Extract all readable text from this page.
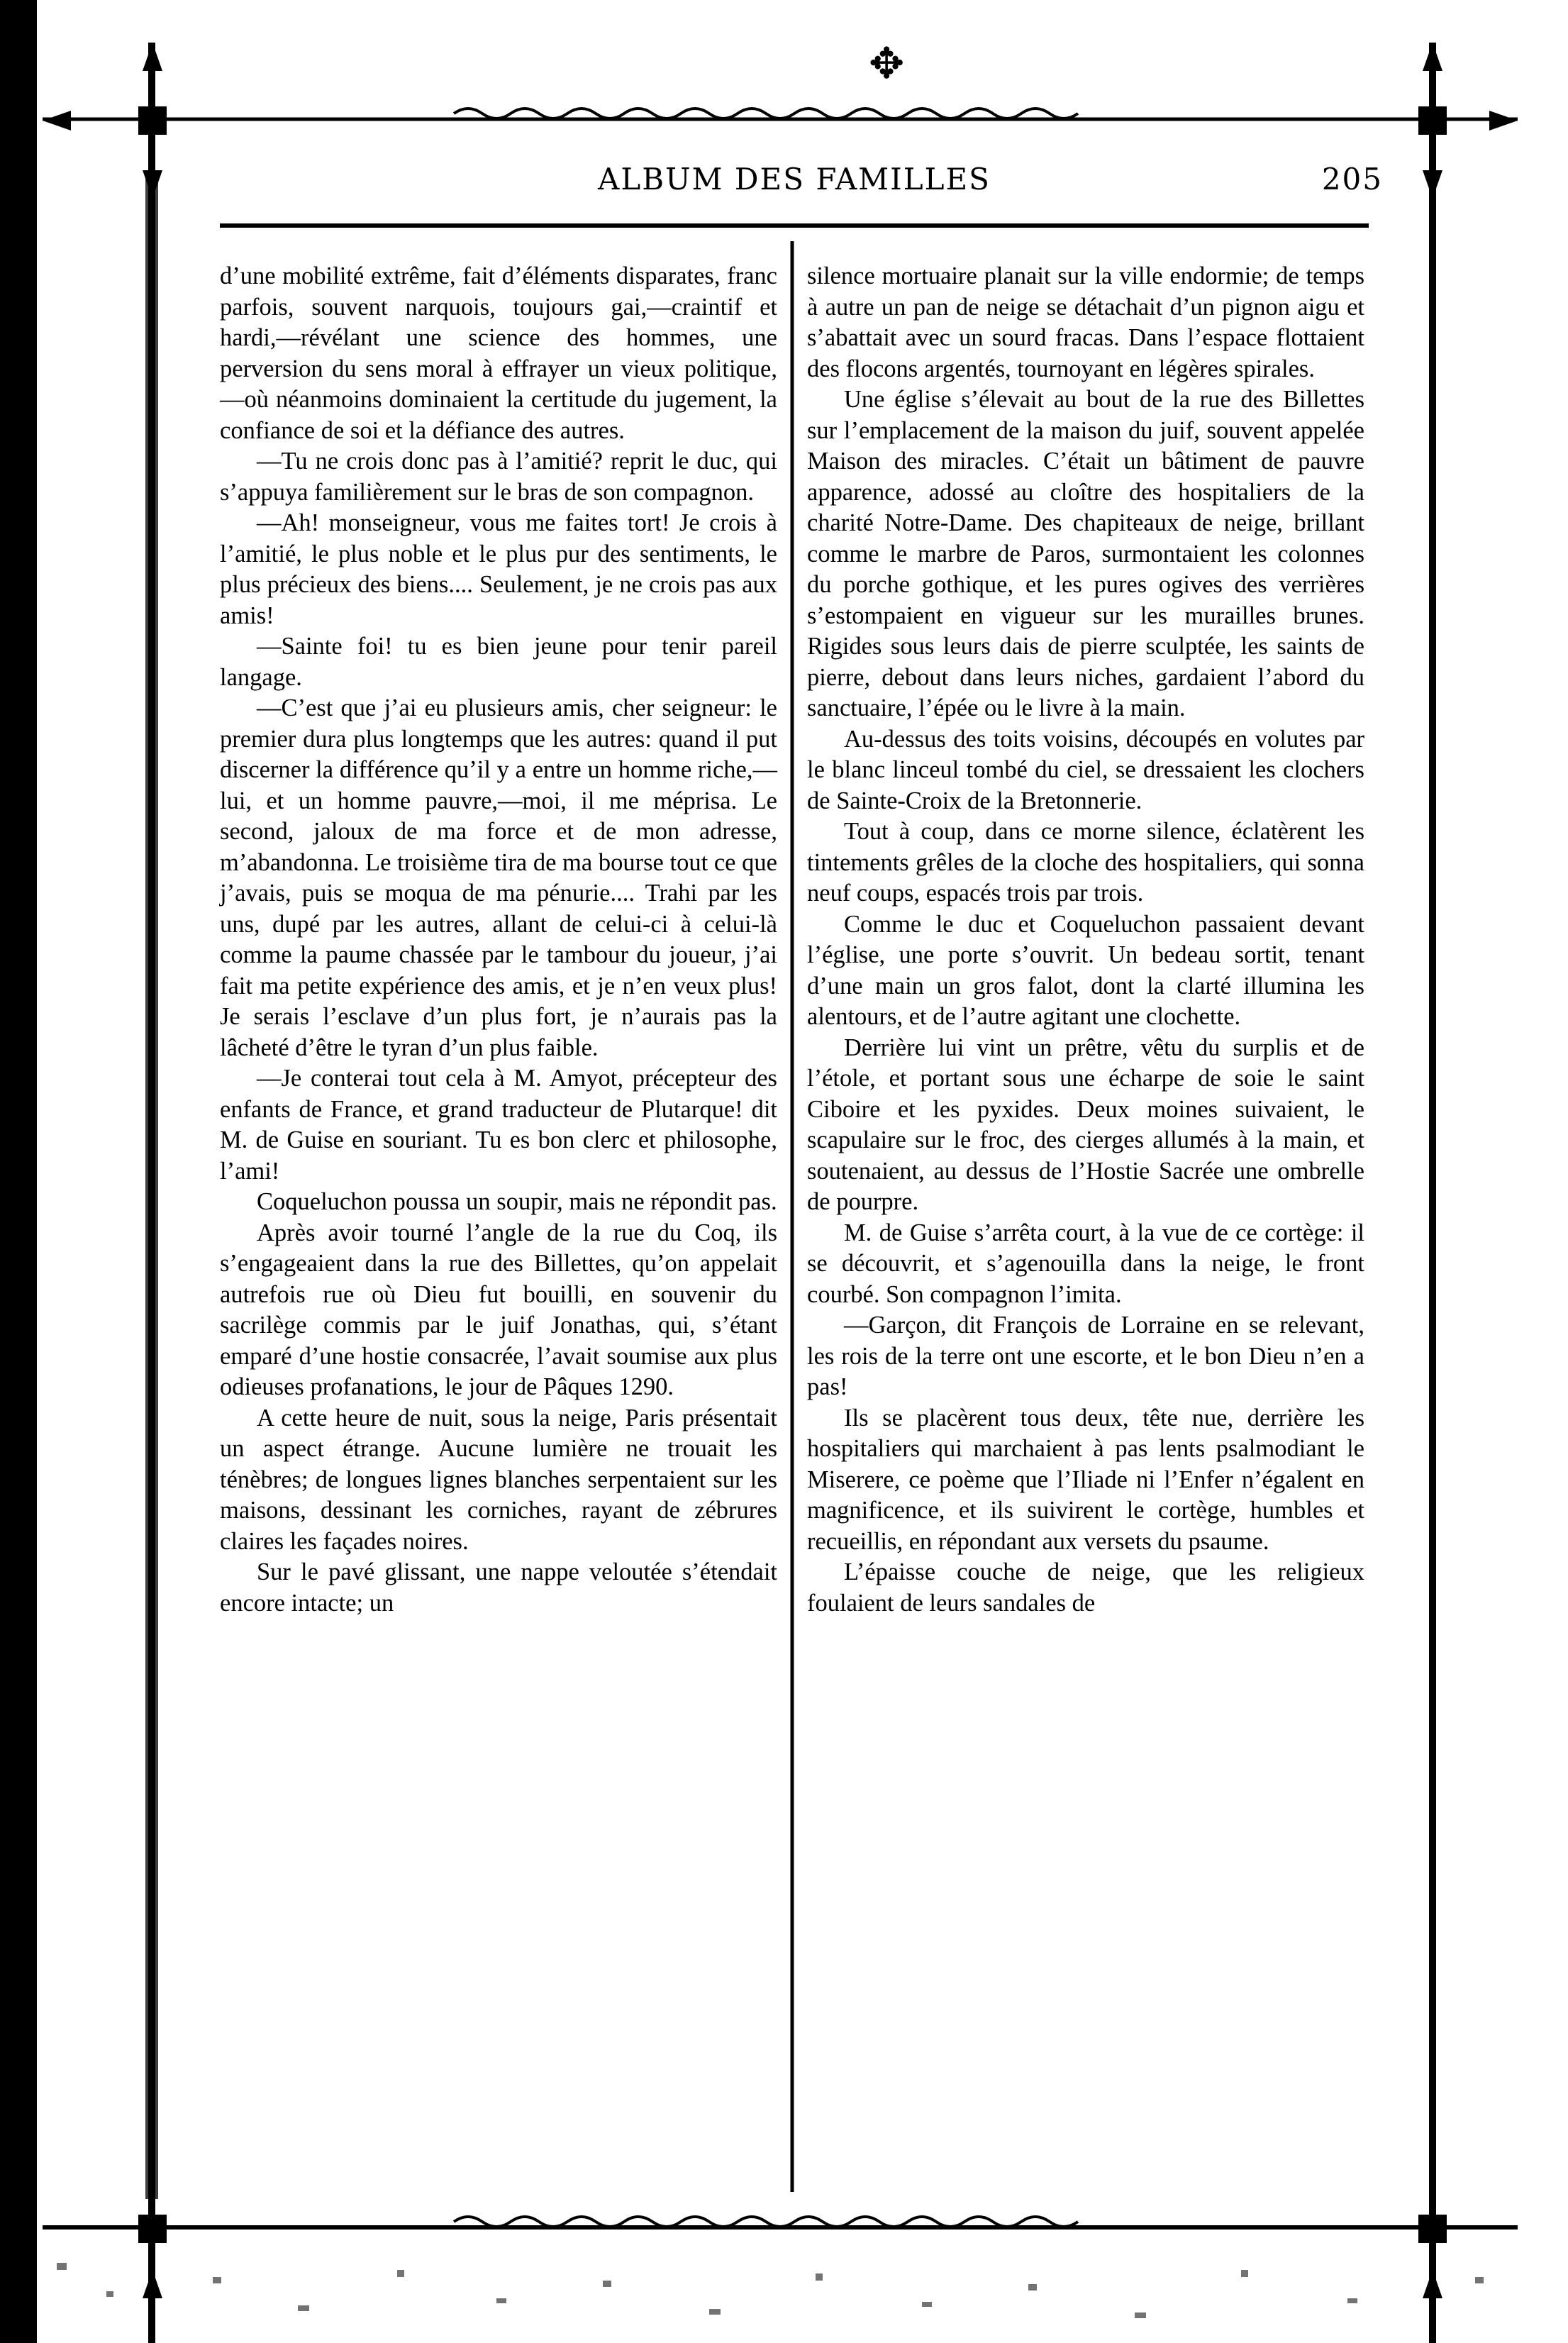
✥
ALBUM DES FAMILLES	205

d’une mobilité extrême, fait d’éléments disparates, franc parfois, souvent narquois, toujours gai,—craintif et hardi,—révélant une science des hommes, une perversion du sens moral à effrayer un vieux politique,—où néanmoins dominaient la certitude du jugement, la confiance de soi et la défiance des autres.

—Tu ne crois donc pas à l’amitié? reprit le duc, qui s’appuya familièrement sur le bras de son compagnon.

—Ah! monseigneur, vous me faites tort! Je crois à l’amitié, le plus noble et le plus pur des sentiments, le plus précieux des biens.... Seulement, je ne crois pas aux amis!

—Sainte foi! tu es bien jeune pour tenir pareil langage.

—C’est que j’ai eu plusieurs amis, cher seigneur: le premier dura plus longtemps que les autres: quand il put discerner la différence qu’il y a entre un homme riche,—lui, et un homme pauvre,—moi, il me méprisa. Le second, jaloux de ma force et de mon adresse, m’abandonna. Le troisième tira de ma bourse tout ce que j’avais, puis se moqua de ma pénurie.... Trahi par les uns, dupé par les autres, allant de celui-ci à celui-là comme la paume chassée par le tambour du joueur, j’ai fait ma petite expérience des amis, et je n’en veux plus! Je serais l’esclave d’un plus fort, je n’aurais pas la lâcheté d’être le tyran d’un plus faible.

—Je conterai tout cela à M. Amyot, précepteur des enfants de France, et grand traducteur de Plutarque! dit M. de Guise en souriant. Tu es bon clerc et philosophe, l’ami!

Coqueluchon poussa un soupir, mais ne répondit pas.

Après avoir tourné l’angle de la rue du Coq, ils s’engageaient dans la rue des Billettes, qu’on appelait autrefois rue où Dieu fut bouilli, en souvenir du sacrilège commis par le juif Jonathas, qui, s’étant emparé d’une hostie consacrée, l’avait soumise aux plus odieuses profanations, le jour de Pâques 1290.

A cette heure de nuit, sous la neige, Paris présentait un aspect étrange. Aucune lumière ne trouait les ténèbres; de longues lignes blanches serpentaient sur les maisons, dessinant les corniches, rayant de zébrures claires les façades noires.

Sur le pavé glissant, une nappe veloutée s’étendait encore intacte; un

silence mortuaire planait sur la ville endormie; de temps à autre un pan de neige se détachait d’un pignon aigu et s’abattait avec un sourd fracas. Dans l’espace flottaient des flocons argentés, tournoyant en légères spirales.

Une église s’élevait au bout de la rue des Billettes sur l’emplacement de la maison du juif, souvent appelée Maison des miracles. C’était un bâtiment de pauvre apparence, adossé au cloître des hospitaliers de la charité Notre-Dame. Des chapiteaux de neige, brillant comme le marbre de Paros, surmontaient les colonnes du porche gothique, et les pures ogives des verrières s’estompaient en vigueur sur les murailles brunes. Rigides sous leurs dais de pierre sculptée, les saints de pierre, debout dans leurs niches, gardaient l’abord du sanctuaire, l’épée ou le livre à la main.

Au-dessus des toits voisins, découpés en volutes par le blanc linceul tombé du ciel, se dressaient les clochers de Sainte-Croix de la Bretonnerie.

Tout à coup, dans ce morne silence, éclatèrent les tintements grêles de la cloche des hospitaliers, qui sonna neuf coups, espacés trois par trois.

Comme le duc et Coqueluchon passaient devant l’église, une porte s’ouvrit. Un bedeau sortit, tenant d’une main un gros falot, dont la clarté illumina les alentours, et de l’autre agitant une clochette.

Derrière lui vint un prêtre, vêtu du surplis et de l’étole, et portant sous une écharpe de soie le saint Ciboire et les pyxides. Deux moines suivaient, le scapulaire sur le froc, des cierges allumés à la main, et soutenaient, au dessus de l’Hostie Sacrée une ombrelle de pourpre.

M. de Guise s’arrêta court, à la vue de ce cortège: il se découvrit, et s’agenouilla dans la neige, le front courbé. Son compagnon l’imita.

—Garçon, dit François de Lorraine en se relevant, les rois de la terre ont une escorte, et le bon Dieu n’en a pas!

Ils se placèrent tous deux, tête nue, derrière les hospitaliers qui marchaient à pas lents psalmodiant le Miserere, ce poème que l’Iliade ni l’Enfer n’égalent en magnificence, et ils suivirent le cortège, humbles et recueillis, en répondant aux versets du psaume.

L’épaisse couche de neige, que les religieux foulaient de leurs sandales de
